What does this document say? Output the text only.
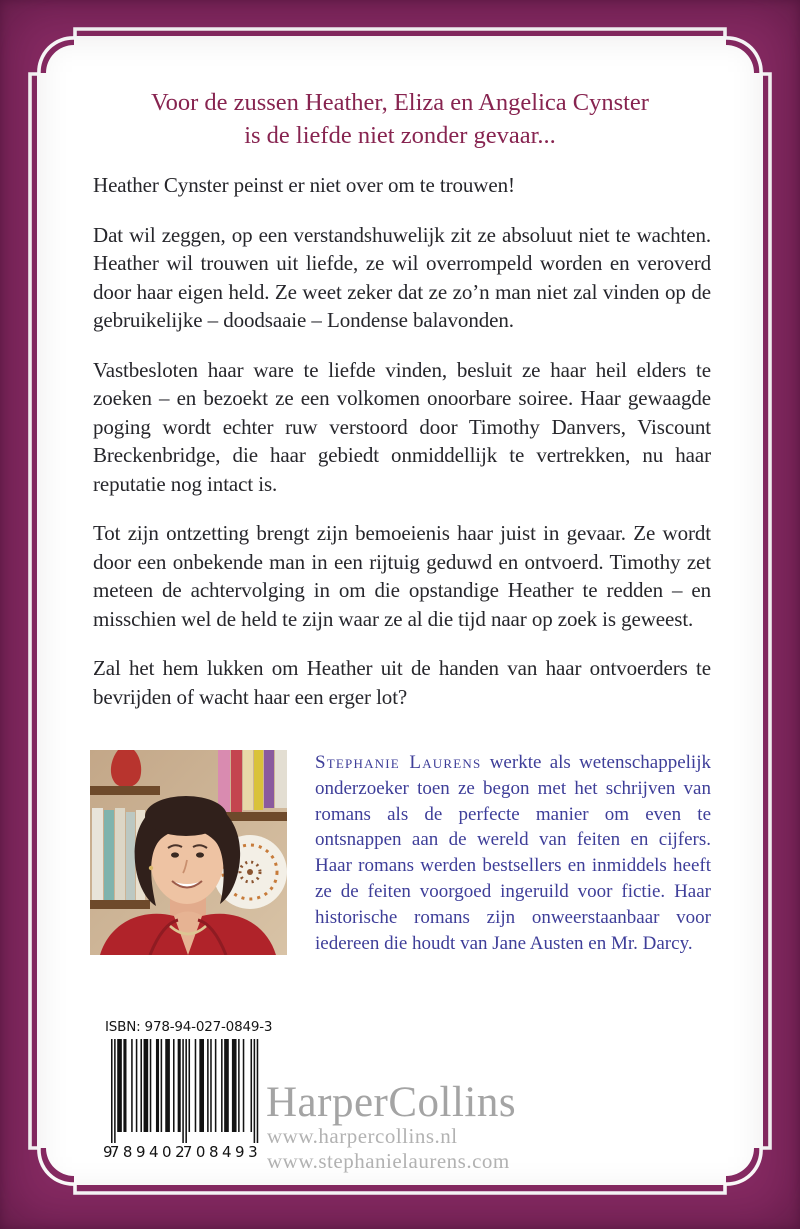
Voor de zussen Heather, Eliza en Angelica Cynster
is de liefde niet zonder gevaar...

Heather Cynster peinst er niet over om te trouwen!

Dat wil zeggen, op een verstandshuwelijk zit ze absoluut niet te wachten. Heather wil trouwen uit liefde, ze wil overrompeld worden en veroverd door haar eigen held. Ze weet zeker dat ze zo’n man niet zal vinden op de gebruikelijke – doodsaaie – Londense balavonden.

Vastbesloten haar ware te liefde vinden, besluit ze haar heil elders te zoeken – en bezoekt ze een volkomen onoorbare soiree. Haar gewaagde poging wordt echter ruw verstoord door Timothy Danvers, Viscount Breckenbridge, die haar gebiedt onmiddellijk te vertrekken, nu haar reputatie nog intact is.

Tot zijn ontzetting brengt zijn bemoeienis haar juist in gevaar. Ze wordt door een onbekende man in een rijtuig geduwd en ontvoerd. Timothy zet meteen de achtervolging in om die opstandige Heather te redden – en misschien wel de held te zijn waar ze al die tijd naar op zoek is geweest.

Zal het hem lukken om Heather uit de handen van haar ontvoerders te bevrijden of wacht haar een erger lot?

Stephanie Laurens werkte als wetenschappelijk onderzoeker toen ze begon met het schrijven van romans als de perfecte manier om even te ontsnappen aan de wereld van feiten en cijfers. Haar romans werden bestsellers en inmiddels heeft ze de feiten voorgoed ingeruild voor fictie. Haar historische romans zijn onweerstaanbaar voor iedereen die houdt van Jane Austen en Mr. Darcy.
ISBN: 978-94-027-0849-3
9
789402
708493
HarperCollins
www.harpercollins.nl
www.stephanielaurens.com
